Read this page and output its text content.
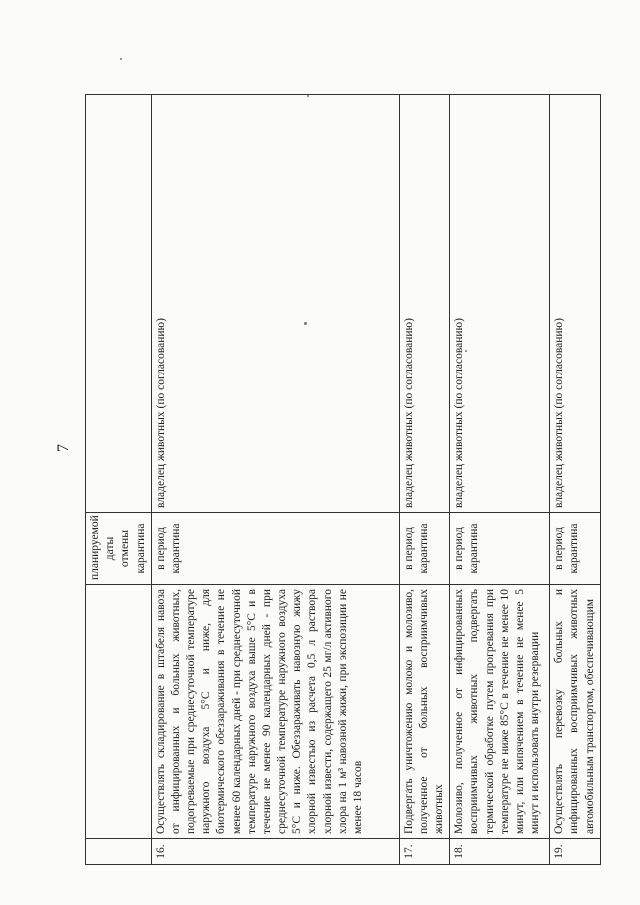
7
		планируемой даты отмены карантина	
16.	Осуществлять складирование в штабеля навоза от инфицированных и больных животных, подогреваемые при среднесуточной температуре наружного воздуха 5°С и ниже, для биотермического обеззараживания в течение не менее 60 календарных дней - при среднесуточной температуре наружного воздуха выше 5°С и в течение не менее 90 календарных дней - при среднесуточной температуре наружного воздуха 5°С и ниже. Обеззараживать навозную жижу хлорной известью из расчета 0,5 л раствора хлорной извести, содержащего 25 мг/л активного хлора на 1 м³ навозной жижи, при экспозиции не менее 18 часов	в период карантина	владелец животных (по согласованию)
17.	Подвергать уничтожению молоко и молозиво, полученное от больных восприимчивых животных	в период карантина	владелец животных (по согласованию)
18.	Молозиво, полученное от инфицированных восприимчивых животных подвергать термической обработке путем прогревания при температуре не ниже 85°С в течение не менее 10 минут, или кипячением в течение не менее 5 минут и использовать внутри резервации	в период карантина	владелец животных (по согласованию)
19.	Осуществлять перевозку больных и инфицированных восприимчивых животных автомобильным транспортом, обеспечивающим	в период карантина	владелец животных (по согласованию)
